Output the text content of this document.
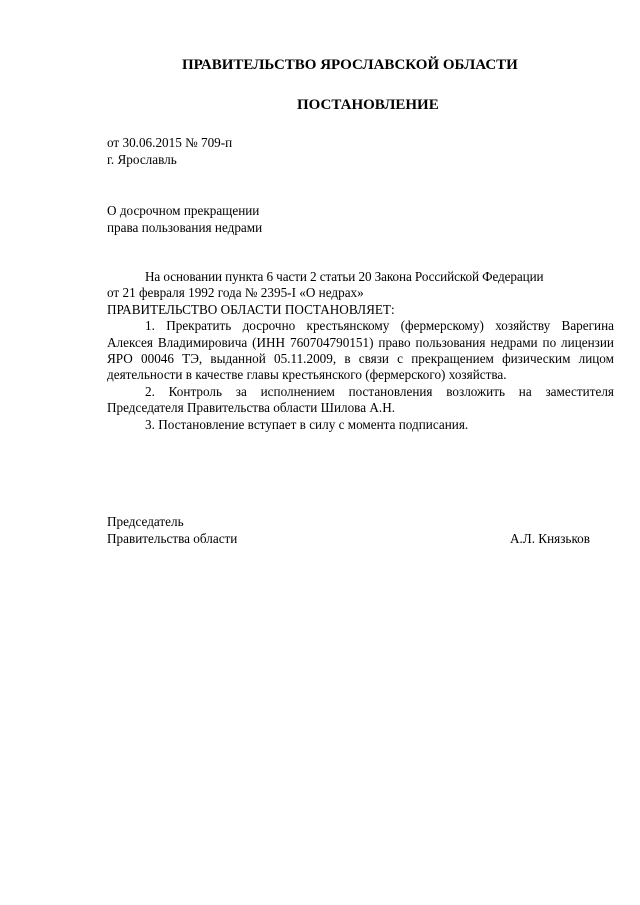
ПРАВИТЕЛЬСТВО ЯРОСЛАВСКОЙ ОБЛАСТИ
ПОСТАНОВЛЕНИЕ
от 30.06.2015 № 709-п
г. Ярославль
О досрочном прекращении
права пользования недрами

На основании пункта 6 части 2 статьи 20 Закона Российской Федерации

от 21 февраля 1992 года № 2395-I «О недрах»

ПРАВИТЕЛЬСТВО ОБЛАСТИ ПОСТАНОВЛЯЕТ:

1. Прекратить досрочно крестьянскому (фермерскому) хозяйству Варегина Алексея Владимировича (ИНН 760704790151) право пользования недрами по лицензии ЯРО 00046 ТЭ, выданной 05.11.2009, в связи с прекращением физическим лицом деятельности в качестве главы крестьянского (фермерского) хозяйства.

2. Контроль за исполнением постановления возложить на заместителя Председателя Правительства области Шилова А.Н.

3. Постановление вступает в силу с момента подписания.

Председатель
Правительства области	А.Л. Князьков
